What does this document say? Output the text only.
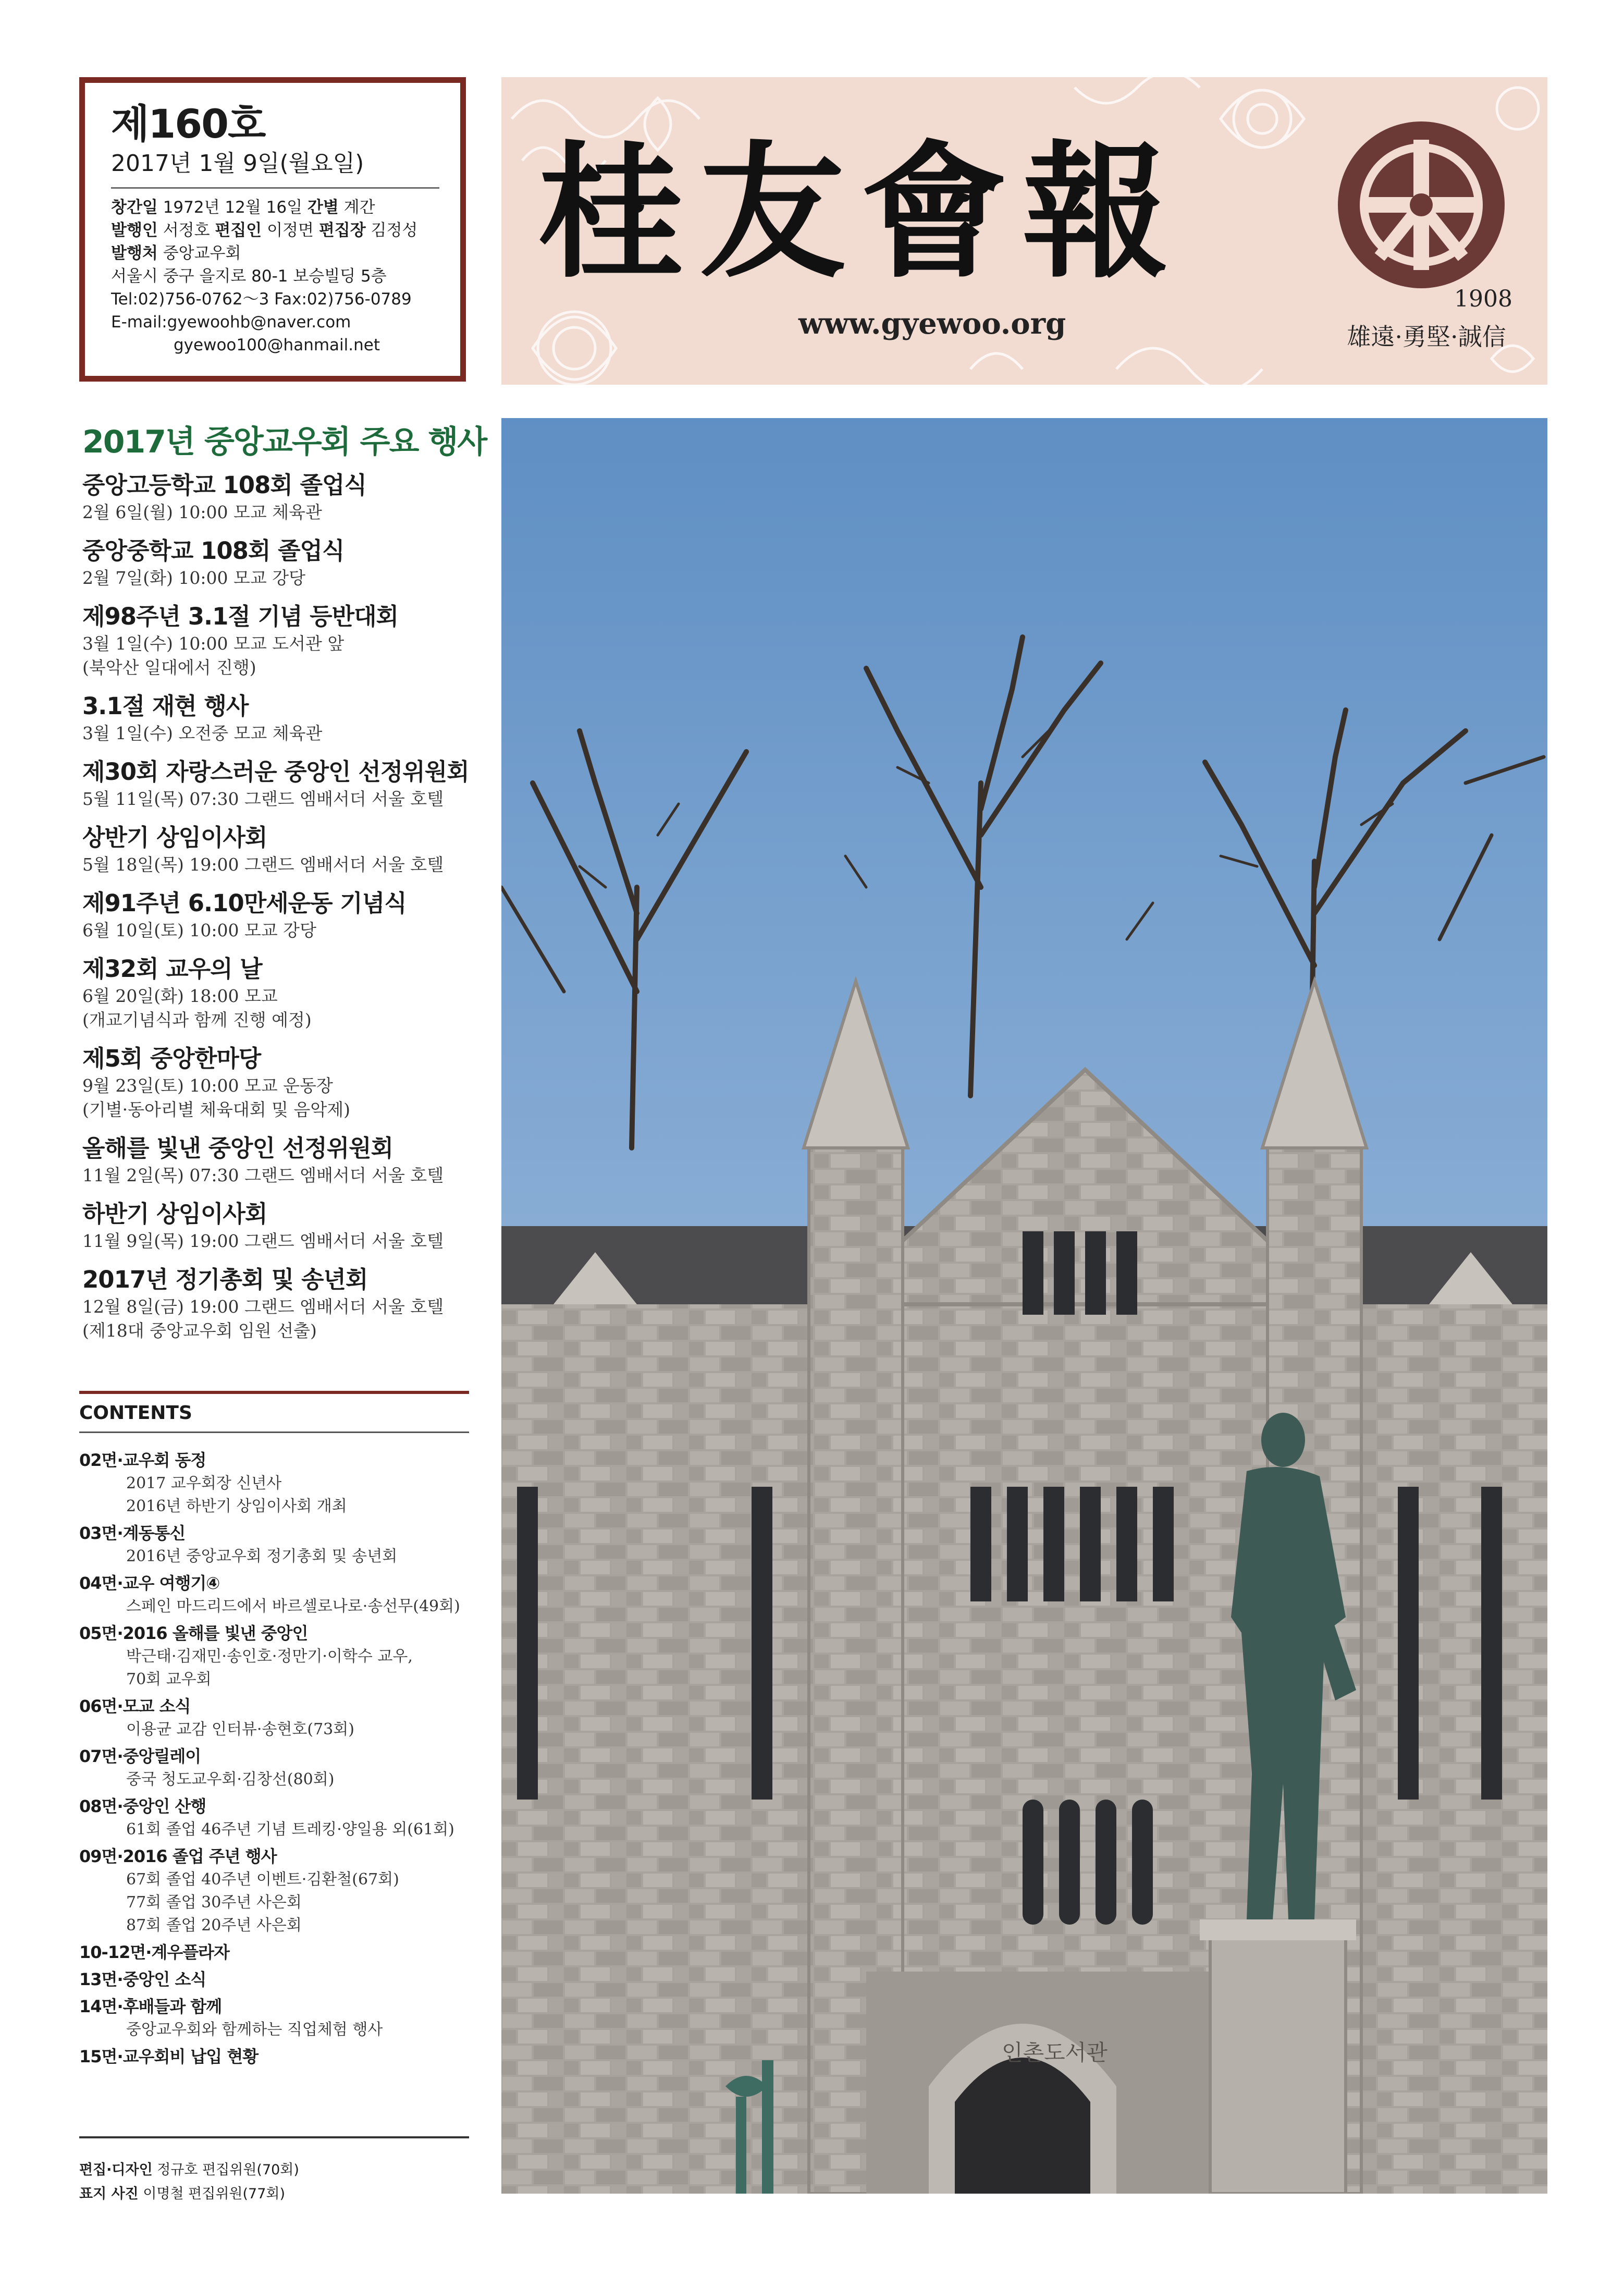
제160호
2017년 1월 9일(월요일)
창간일 1972년 12월 16일 간별 계간
발행인 서정호 편집인 이정면 편집장 김정성
발행처 중앙교우회
서울시 중구 을지로 80-1 보승빌딩 5층
Tel:02)756-0762～3 Fax:02)756-0789
E-mail:gyewoohb@naver.com
gyewoo100@hanmail.net
桂友會報
www.gyewoo.org
1908
雄遠·勇堅·誠信
2017년 중앙교우회 주요 행사
중앙고등학교 108회 졸업식
2월 6일(월) 10:00 모교 체육관
중앙중학교 108회 졸업식
2월 7일(화) 10:00 모교 강당
제98주년 3.1절 기념 등반대회
3월 1일(수) 10:00 모교 도서관 앞
(북악산 일대에서 진행)
3.1절 재현 행사
3월 1일(수) 오전중 모교 체육관
제30회 자랑스러운 중앙인 선정위원회
5월 11일(목) 07:30 그랜드 엠배서더 서울 호텔
상반기 상임이사회
5월 18일(목) 19:00 그랜드 엠배서더 서울 호텔
제91주년 6.10만세운동 기념식
6월 10일(토) 10:00 모교 강당
제32회 교우의 날
6월 20일(화) 18:00 모교
(개교기념식과 함께 진행 예정)
제5회 중앙한마당
9월 23일(토) 10:00 모교 운동장
(기별·동아리별 체육대회 및 음악제)
올해를 빛낸 중앙인 선정위원회
11월 2일(목) 07:30 그랜드 엠배서더 서울 호텔
하반기 상임이사회
11월 9일(목) 19:00 그랜드 엠배서더 서울 호텔
2017년 정기총회 및 송년회
12월 8일(금) 19:00 그랜드 엠배서더 서울 호텔
(제18대 중앙교우회 임원 선출)
CONTENTS
02면·교우회 동정
2017 교우회장 신년사
2016년 하반기 상임이사회 개최
03면·계동통신
2016년 중앙교우회 정기총회 및 송년회
04면·교우 여행기④
스페인 마드리드에서 바르셀로나로·송선무(49회)
05면·2016 올해를 빛낸 중앙인
박근태·김재민·송인호·정만기·이학수 교우,
70회 교우회
06면·모교 소식
이용균 교감 인터뷰·송현호(73회)
07면·중앙릴레이
중국 청도교우회·김창선(80회)
08면·중앙인 산행
61회 졸업 46주년 기념 트레킹·양일용 외(61회)
09면·2016 졸업 주년 행사
67회 졸업 40주년 이벤트·김환철(67회)
77회 졸업 30주년 사은회
87회 졸업 20주년 사은회
10-12면·계우플라자
13면·중앙인 소식
14면·후배들과 함께
중앙교우회와 함께하는 직업체험 행사
15면·교우회비 납입 현황
편집·디자인 정규호 편집위원(70회)
표지 사진 이명철 편집위원(77회)
인촌도서관
